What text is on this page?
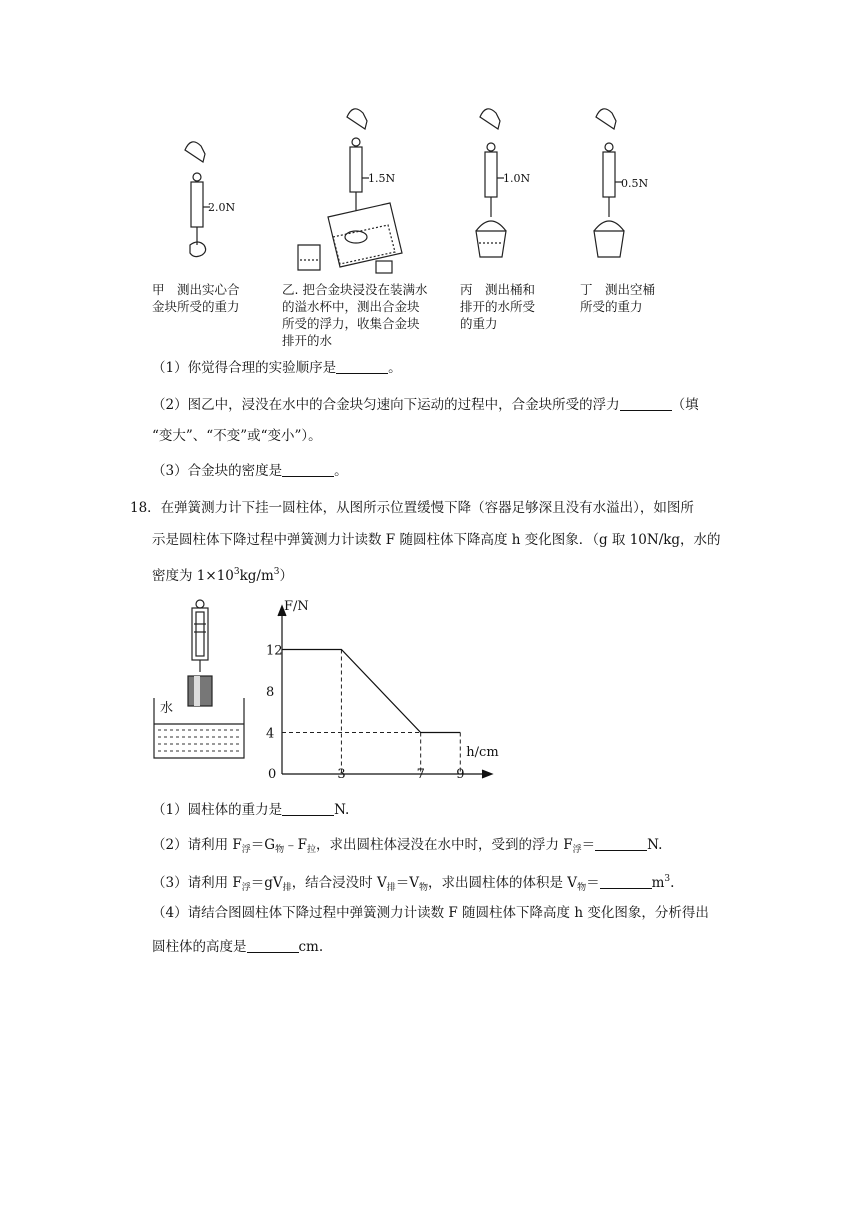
2.0N
1.5N	1.0N	0.5N
甲　测出实心合
金块所受的重力
乙. 把合金块浸没在装满水
的溢水杯中，测出合金块
所受的浮力，收集合金块
排开的水
丙　测出桶和
排开的水所受
的重力
丁　测出空桶
所受的重力
（1）你觉得合理的实验顺序是	。
（2）图乙中，浸没在水中的合金块匀速向下运动的过程中，合金块所受的浮力	（填
“变大”、“不变”或“变小”）。
（3）合金块的密度是	。
18．在弹簧测力计下挂一圆柱体，从图所示位置缓慢下降（容器足够深且没有水溢出），如图所
示是圆柱体下降过程中弹簧测力计读数 F 随圆柱体下降高度 h 变化图象．（g 取 10N/kg，水的
密度为 $1\times 10^3kg/m^3$）
水
4
8
12
0	3	7 9
F/N
h/cm
（1）圆柱体的重力是	N.
（2）请利用 $F_浮=G_物﹣F_拉$，求出圆柱体浸没在水中时，受到的浮力 $F_浮=$	N.
（3）请利用 $F_浮=gV_排$，结合浸没时 $V_排=V_物$，求出圆柱体的体积是 $V_物=$	$m^3$.
（4）请结合图圆柱体下降过程中弹簧测力计读数 F 随圆柱体下降高度 h 变化图象，分析得出
圆柱体的高度是	cm.
